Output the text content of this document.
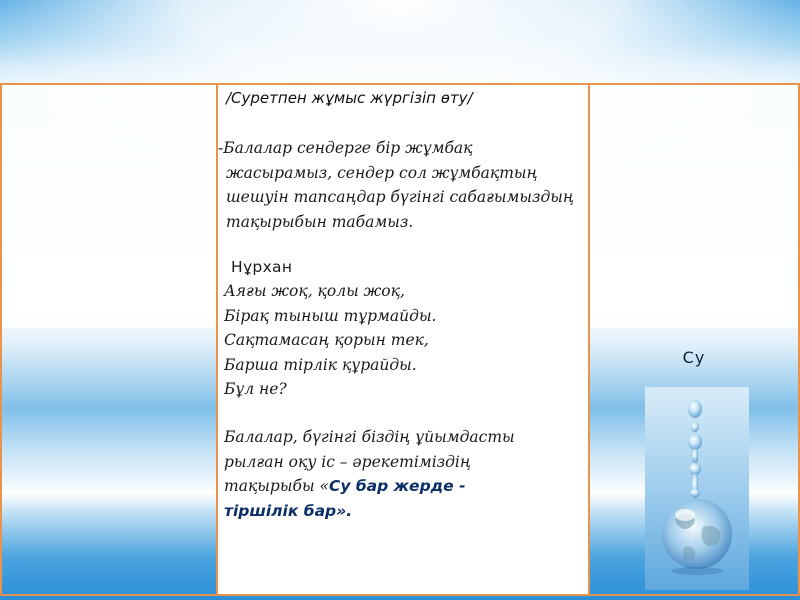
/Суретпен жұмыс жүргізіп өту/
-Балалар сендерге бір жұмбақ
жасырамыз, сендер сол жұмбақтың
шешуін тапсаңдар бүгінгі сабағымыздың
тақырыбын табамыз.
Нұрхан
Аяғы жоқ, қолы жоқ,
Бірақ тыныш тұрмайды.
Сақтамасаң қорын тек,
Барша тірлік құрайды.
Бұл не?
Балалар, бүгінгі біздің ұйымдасты
рылған оқу іс – әрекетіміздің
тақырыбы «Су бар жерде -
тіршілік бар».
Су
